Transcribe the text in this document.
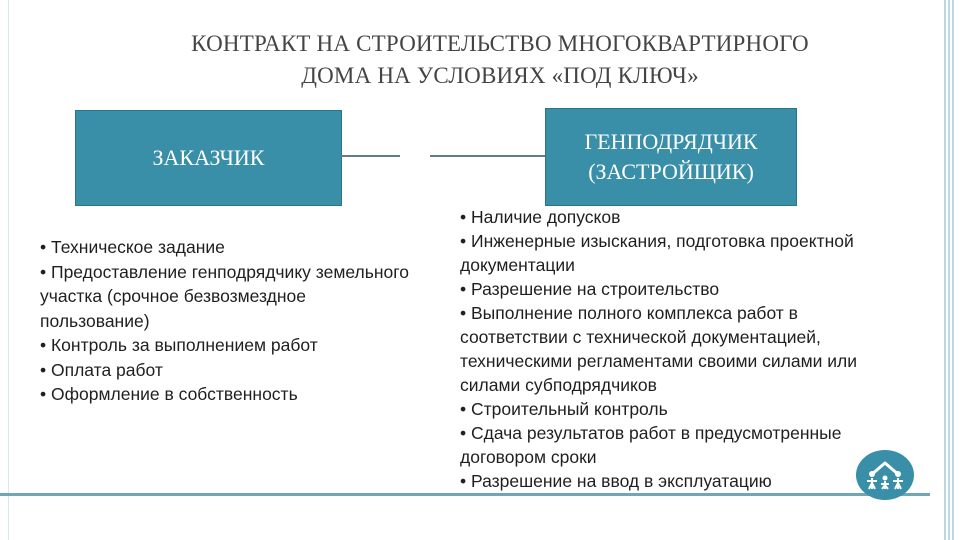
КОНТРАКТ НА СТРОИТЕЛЬСТВО МНОГОКВАРТИРНОГО
ДОМА НА УСЛОВИЯХ «ПОД КЛЮЧ»
ЗАКАЗЧИК
ГЕНПОДРЯДЧИК
(ЗАСТРОЙЩИК)
• Техническое задание
• Предоставление генподрядчику земельного участка (срочное безвозмездное пользование)
• Контроль за выполнением работ
• Оплата работ
• Оформление в собственность
• Наличие допусков
• Инженерные изыскания, подготовка проектной документации
• Разрешение на строительство
• Выполнение полного комплекса работ в соответствии с технической документацией, техническими регламентами своими силами или силами субподрядчиков
• Строительный контроль
• Сдача результатов работ в предусмотренные договором сроки
• Разрешение на ввод в эксплуатацию
